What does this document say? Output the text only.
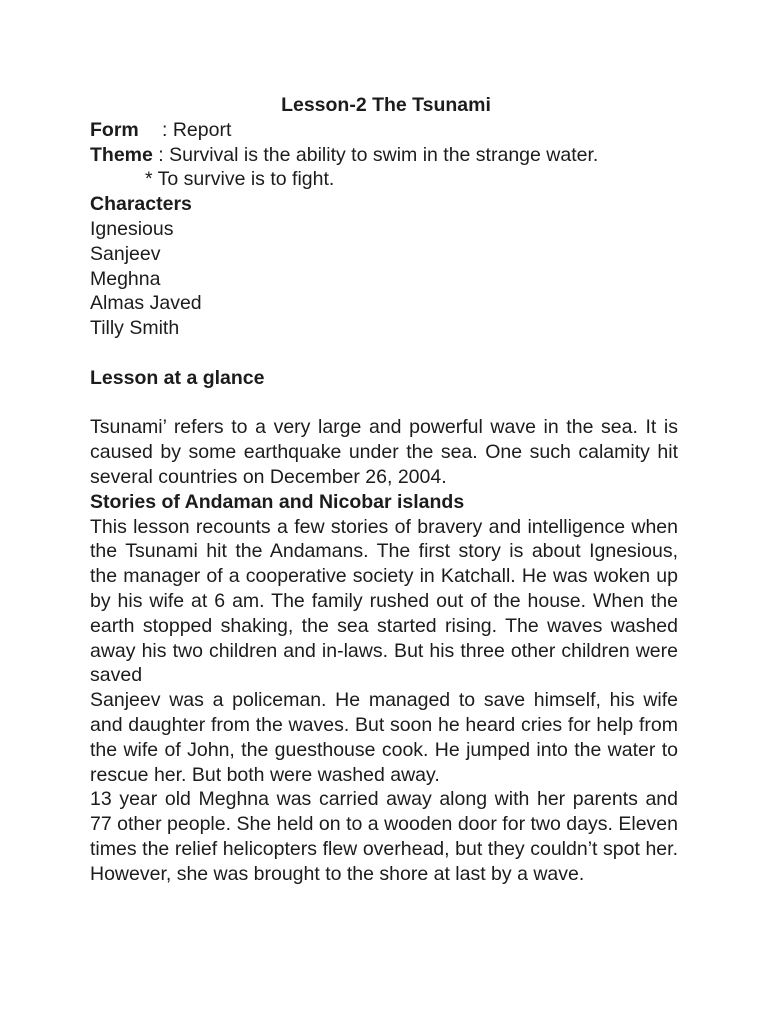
Lesson-2 The Tsunami
Form : Report
Theme : Survival is the ability to swim in the strange water.
* To survive is to fight.
Characters
Ignesious
Sanjeev
Meghna
Almas Javed
Tilly Smith
Lesson at a glance

Tsunami’ refers to a very large and powerful wave in the sea. It is caused by some earthquake under the sea. One such calamity hit several countries on December 26, 2004.

Stories of Andaman and Nicobar islands

This lesson recounts a few stories of bravery and intelligence when the Tsunami hit the Andamans. The first story is about Ignesious, the manager of a cooperative society in Katchall. He was woken up by his wife at 6 am. The family rushed out of the house. When the earth stopped shaking, the sea started rising. The waves washed away his two children and in-laws. But his three other children were saved

Sanjeev was a policeman. He managed to save himself, his wife and daughter from the waves. But soon he heard cries for help from the wife of John, the guesthouse cook. He jumped into the water to rescue her. But both were washed away.

13 year old Meghna was carried away along with her parents and 77 other people. She held on to a wooden door for two days. Eleven times the relief helicopters flew overhead, but they couldn’t spot her. However, she was brought to the shore at last by a wave.
